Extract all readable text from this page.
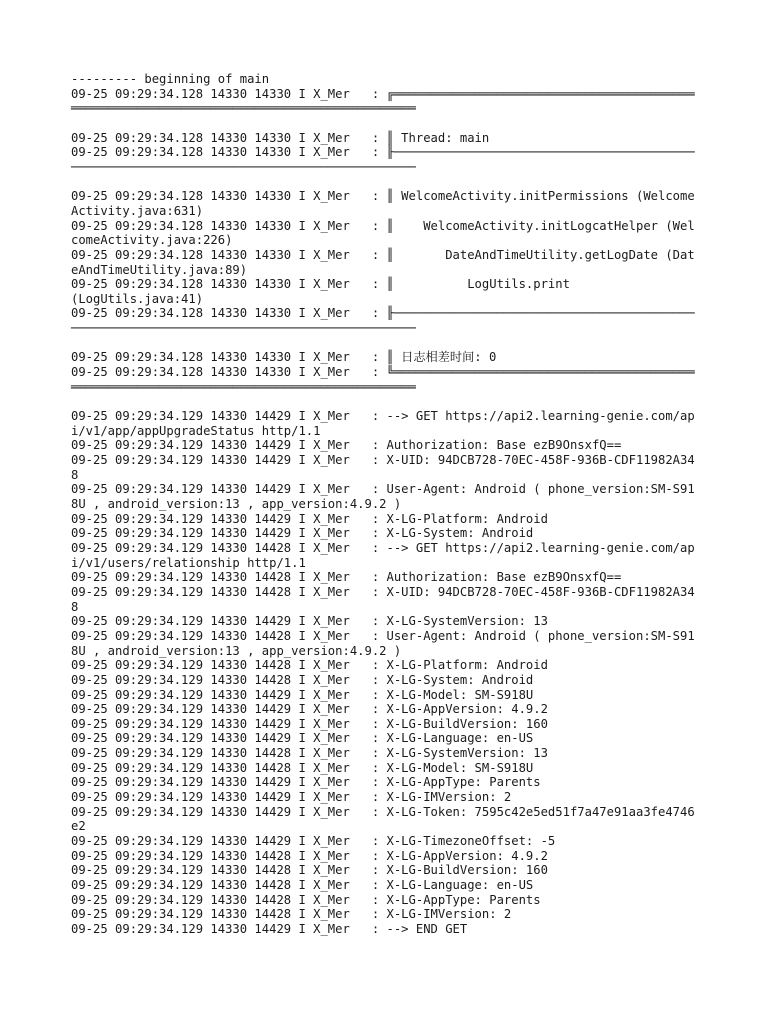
--------- beginning of main
09-25 09:29:34.128 14330 14330 I X_Mer   : ╔════════════════════════════════════════════════════════════════════════════════════════
09-25 09:29:34.128 14330 14330 I X_Mer   : ║ Thread: main
09-25 09:29:34.128 14330 14330 I X_Mer   : ╟────────────────────────────────────────────────────────────────────────────────────────
09-25 09:29:34.128 14330 14330 I X_Mer   : ║ WelcomeActivity.initPermissions (WelcomeActivity.java:631)
09-25 09:29:34.128 14330 14330 I X_Mer   : ║    WelcomeActivity.initLogcatHelper (WelcomeActivity.java:226)
09-25 09:29:34.128 14330 14330 I X_Mer   : ║       DateAndTimeUtility.getLogDate (DateAndTimeUtility.java:89)
09-25 09:29:34.128 14330 14330 I X_Mer   : ║          LogUtils.print                   (LogUtils.java:41)
09-25 09:29:34.128 14330 14330 I X_Mer   : ╟────────────────────────────────────────────────────────────────────────────────────────
09-25 09:29:34.128 14330 14330 I X_Mer   : ║ 日志相差时间: 0
09-25 09:29:34.128 14330 14330 I X_Mer   : ╚════════════════════════════════════════════════════════════════════════════════════════
09-25 09:29:34.129 14330 14429 I X_Mer   : --> GET https://api2.learning-genie.com/api/v1/app/appUpgradeStatus http/1.1
09-25 09:29:34.129 14330 14429 I X_Mer   : Authorization: Base ezB9OnsxfQ==
09-25 09:29:34.129 14330 14429 I X_Mer   : X-UID: 94DCB728-70EC-458F-936B-CDF11982A348
09-25 09:29:34.129 14330 14429 I X_Mer   : User-Agent: Android ( phone_version:SM-S918U , android_version:13 , app_version:4.9.2 )
09-25 09:29:34.129 14330 14429 I X_Mer   : X-LG-Platform: Android
09-25 09:29:34.129 14330 14429 I X_Mer   : X-LG-System: Android
09-25 09:29:34.129 14330 14428 I X_Mer   : --> GET https://api2.learning-genie.com/api/v1/users/relationship http/1.1
09-25 09:29:34.129 14330 14428 I X_Mer   : Authorization: Base ezB9OnsxfQ==
09-25 09:29:34.129 14330 14428 I X_Mer   : X-UID: 94DCB728-70EC-458F-936B-CDF11982A348
09-25 09:29:34.129 14330 14429 I X_Mer   : X-LG-SystemVersion: 13
09-25 09:29:34.129 14330 14428 I X_Mer   : User-Agent: Android ( phone_version:SM-S918U , android_version:13 , app_version:4.9.2 )
09-25 09:29:34.129 14330 14428 I X_Mer   : X-LG-Platform: Android
09-25 09:29:34.129 14330 14428 I X_Mer   : X-LG-System: Android
09-25 09:29:34.129 14330 14429 I X_Mer   : X-LG-Model: SM-S918U
09-25 09:29:34.129 14330 14429 I X_Mer   : X-LG-AppVersion: 4.9.2
09-25 09:29:34.129 14330 14429 I X_Mer   : X-LG-BuildVersion: 160
09-25 09:29:34.129 14330 14429 I X_Mer   : X-LG-Language: en-US
09-25 09:29:34.129 14330 14428 I X_Mer   : X-LG-SystemVersion: 13
09-25 09:29:34.129 14330 14428 I X_Mer   : X-LG-Model: SM-S918U
09-25 09:29:34.129 14330 14429 I X_Mer   : X-LG-AppType: Parents
09-25 09:29:34.129 14330 14429 I X_Mer   : X-LG-IMVersion: 2
09-25 09:29:34.129 14330 14429 I X_Mer   : X-LG-Token: 7595c42e5ed51f7a47e91aa3fe4746e2
09-25 09:29:34.129 14330 14429 I X_Mer   : X-LG-TimezoneOffset: -5
09-25 09:29:34.129 14330 14428 I X_Mer   : X-LG-AppVersion: 4.9.2
09-25 09:29:34.129 14330 14428 I X_Mer   : X-LG-BuildVersion: 160
09-25 09:29:34.129 14330 14428 I X_Mer   : X-LG-Language: en-US
09-25 09:29:34.129 14330 14428 I X_Mer   : X-LG-AppType: Parents
09-25 09:29:34.129 14330 14428 I X_Mer   : X-LG-IMVersion: 2
09-25 09:29:34.129 14330 14429 I X_Mer   : --> END GET
